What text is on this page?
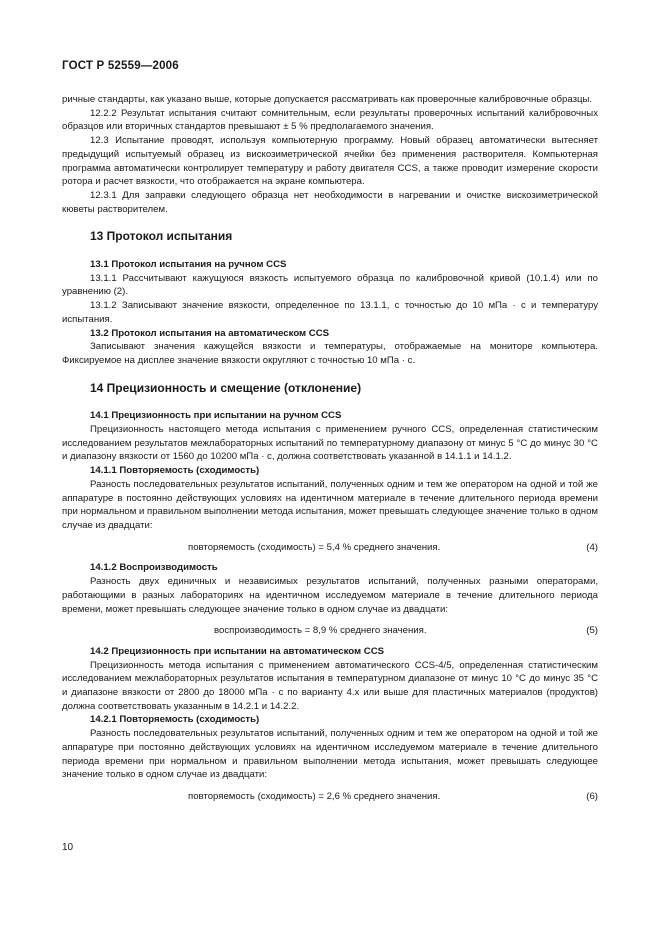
ГОСТ Р 52559—2006

ричные стандарты, как указано выше, которые допускается рассматривать как проверочные калибровочные образцы.

12.2.2 Результат испытания считают сомнительным, если результаты проверочных испытаний калибровочных образцов или вторичных стандартов превышают ± 5 % предполагаемого значения.

12.3 Испытание проводят, используя компьютерную программу. Новый образец автоматически вытесняет предыдущий испытуемый образец из вискозиметрической ячейки без применения растворителя. Компьютерная программа автоматически контролирует температуру и работу двигателя CCS, а также проводит измерение скорости ротора и расчет вязкости, что отображается на экране компьютера.

12.3.1 Для заправки следующего образца нет необходимости в нагревании и очистке вискозиметрической кюветы растворителем.

13 Протокол испытания

13.1 Протокол испытания на ручном CCS

13.1.1 Рассчитывают кажущуюся вязкость испытуемого образца по калибровочной кривой (10.1.4) или по уравнению (2).

13.1.2 Записывают значение вязкости, определенное по 13.1.1, с точностью до 10 мПа · с и температуру испытания.

13.2 Протокол испытания на автоматическом CCS

Записывают значения кажущейся вязкости и температуры, отображаемые на мониторе компьютера. Фиксируемое на дисплее значение вязкости округляют с точностью 10 мПа · с.

14 Прецизионность и смещение (отклонение)

14.1 Прецизионность при испытании на ручном CCS

Прецизионность настоящего метода испытания с применением ручного CCS, определенная статистическим исследованием результатов межлабораторных испытаний по температурному диапазону от минус 5 °С до минус 30 °С и диапазону вязкости от 1560 до 10200 мПа · с, должна соответствовать указанной в 14.1.1 и 14.1.2.

14.1.1 Повторяемость (сходимость)

Разность последовательных результатов испытаний, полученных одним и тем же оператором на одной и той же аппаратуре в постоянно действующих условиях на идентичном материале в течение длительного периода времени при нормальном и правильном выполнении метода испытания, может превышать следующее значение только в одном случае из двадцати:

повторяемость (сходимость) = 5,4 % среднего значения.	(4)

14.1.2 Воспроизводимость

Разность двух единичных и независимых результатов испытаний, полученных разными операторами, работающими в разных лабораториях на идентичном исследуемом материале в течение длительного периода времени, может превышать следующее значение только в одном случае из двадцати:

воспроизводимость = 8,9 % среднего значения.	(5)

14.2 Прецизионность при испытании на автоматическом CCS

Прецизионность метода испытания с применением автоматического CCS-4/5, определенная статистическим исследованием межлабораторных результатов испытания в температурном диапазоне от минус 10 °С до минус 35 °С и диапазоне вязкости от 2800 до 18000 мПа · с по варианту 4.х или выше для пластичных материалов (продуктов) должна соответствовать указанным в 14.2.1 и 14.2.2.

14.2.1 Повторяемость (сходимость)

Разность последовательных результатов испытаний, полученных одним и тем же оператором на одной и той же аппаратуре при постоянно действующих условиях на идентичном исследуемом материале в течение длительного периода времени при нормальном и правильном выполнении метода испытания, может превышать следующее значение только в одном случае из двадцати:

повторяемость (сходимость) = 2,6 % среднего значения.	(6)

10
